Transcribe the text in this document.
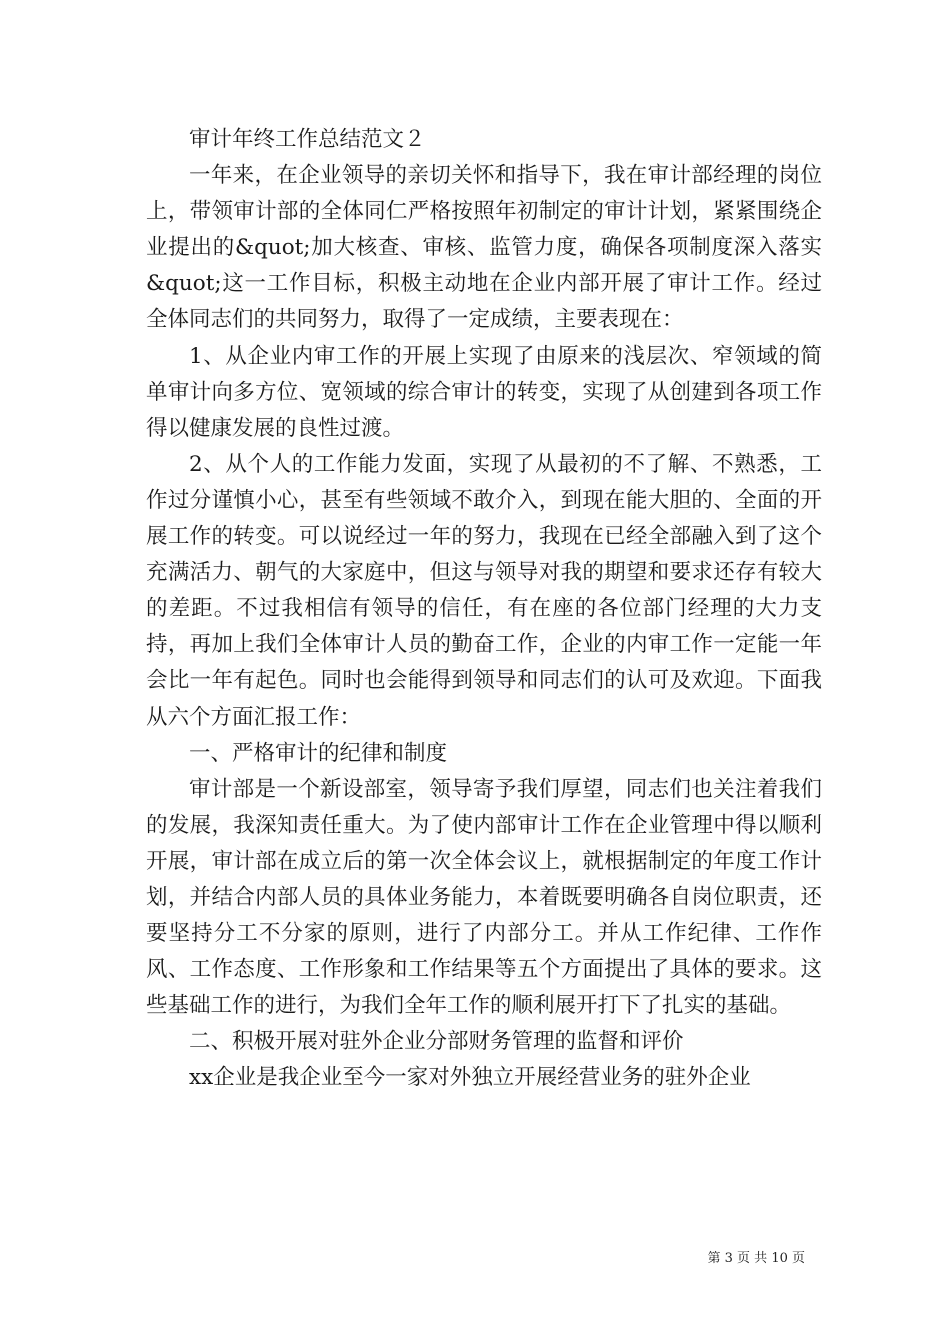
审计年终工作总结范文２

一年来，在企业领导的亲切关怀和指导下，我在审计部经理的岗位上，带领审计部的全体同仁严格按照年初制定的审计计划，紧紧围绕企业提出的&quot;加大核查、审核、监管力度，确保各项制度深入落实&quot;这一工作目标，积极主动地在企业内部开展了审计工作。经过全体同志们的共同努力，取得了一定成绩，主要表现在：

1、从企业内审工作的开展上实现了由原来的浅层次、窄领域的简单审计向多方位、宽领域的综合审计的转变，实现了从创建到各项工作得以健康发展的良性过渡。

2、从个人的工作能力发面，实现了从最初的不了解、不熟悉，工作过分谨慎小心，甚至有些领域不敢介入，到现在能大胆的、全面的开展工作的转变。可以说经过一年的努力，我现在已经全部融入到了这个充满活力、朝气的大家庭中，但这与领导对我的期望和要求还存有较大的差距。不过我相信有领导的信任，有在座的各位部门经理的大力支持，再加上我们全体审计人员的勤奋工作，企业的内审工作一定能一年会比一年有起色。同时也会能得到领导和同志们的认可及欢迎。下面我从六个方面汇报工作：

一、严格审计的纪律和制度

审计部是一个新设部室，领导寄予我们厚望，同志们也关注着我们的发展，我深知责任重大。为了使内部审计工作在企业管理中得以顺利开展，审计部在成立后的第一次全体会议上，就根据制定的年度工作计划，并结合内部人员的具体业务能力，本着既要明确各自岗位职责，还要坚持分工不分家的原则，进行了内部分工。并从工作纪律、工作作风、工作态度、工作形象和工作结果等五个方面提出了具体的要求。这些基础工作的进行，为我们全年工作的顺利展开打下了扎实的基础。

二、积极开展对驻外企业分部财务管理的监督和评价

xx企业是我企业至今一家对外独立开展经营业务的驻外企业

第 3 页 共 10 页
